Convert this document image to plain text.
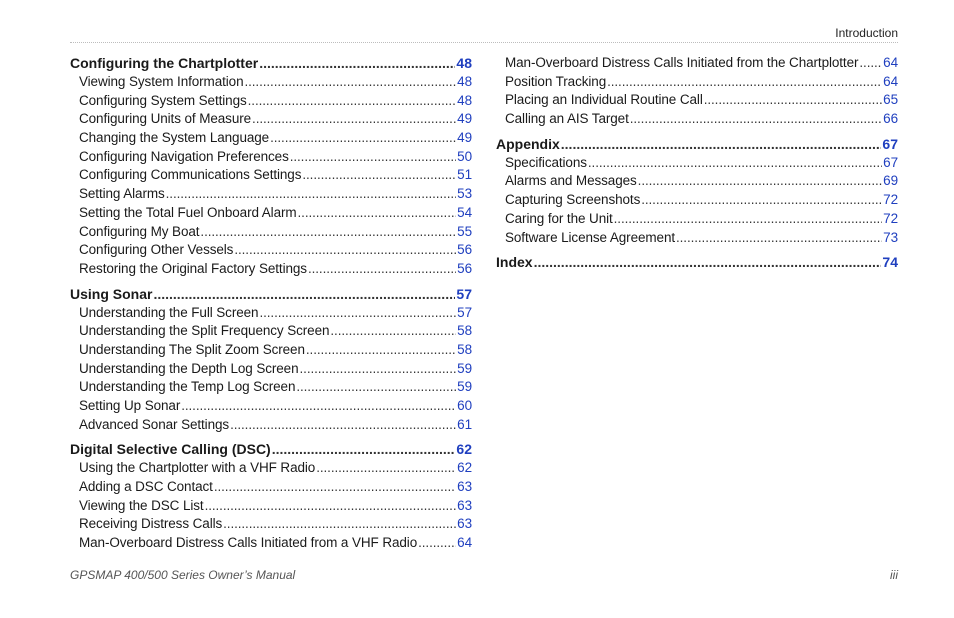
Introduction
Configuring the Chartplotter .....	48
Viewing System Information .....	48
Configuring System Settings .....	48
Configuring Units of Measure .....	49
Changing the System Language .....	49
Configuring Navigation Preferences .....	50
Configuring Communications Settings .....	51
Setting Alarms .....	53
Setting the Total Fuel Onboard Alarm .....	54
Configuring My Boat .....	55
Configuring Other Vessels .....	56
Restoring the Original Factory Settings .....	56
Using Sonar .....	57
Understanding the Full Screen .....	57
Understanding the Split Frequency Screen .....	58
Understanding The Split Zoom Screen .....	58
Understanding the Depth Log Screen .....	59
Understanding the Temp Log Screen .....	59
Setting Up Sonar .....	60
Advanced Sonar Settings .....	61
Digital Selective Calling (DSC) .....	62
Using the Chartplotter with a VHF Radio .....	62
Adding a DSC Contact .....	63
Viewing the DSC List .....	63
Receiving Distress Calls .....	63
Man-Overboard Distress Calls Initiated from a VHF Radio .....	64
Man-Overboard Distress Calls Initiated from the Chartplotter ..... 64
Position Tracking .....	64
Placing an Individual Routine Call .....	65
Calling an AIS Target .....	66
Appendix .....	67
Specifications .....	67
Alarms and Messages .....	69
Capturing Screenshots .....	72
Caring for the Unit .....	72
Software License Agreement .....	73
Index .....	74
GPSMAP 400/500 Series Owner’s Manual	iii
